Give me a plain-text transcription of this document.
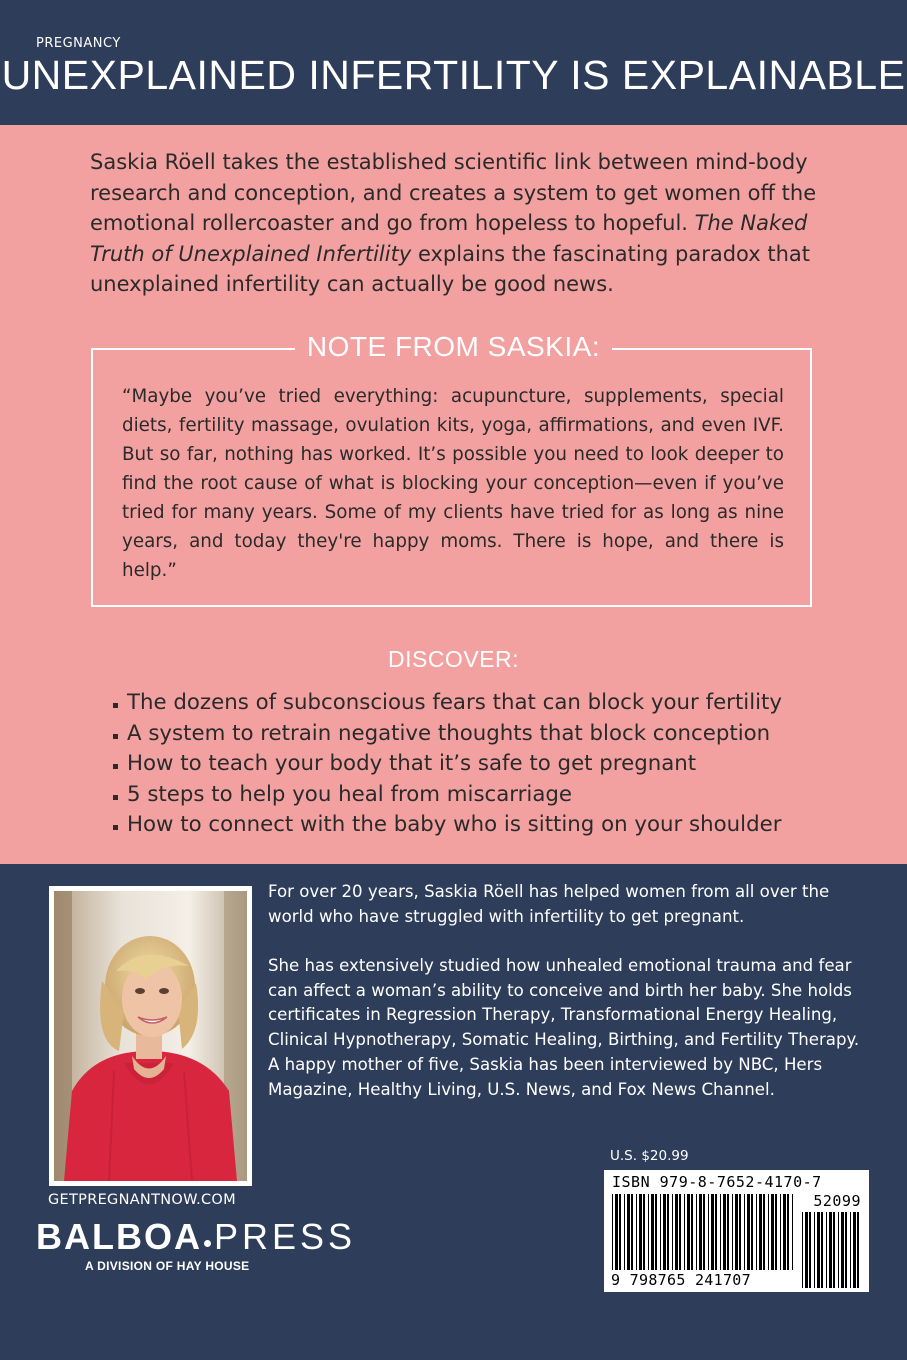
PREGNANCY
UNEXPLAINED INFERTILITY IS EXPLAINABLE

Saskia Röell takes the established scientific link between mind-body research and conception, and creates a system to get women off the emotional rollercoaster and go from hopeless to hopeful. The Naked Truth of Unexplained Infertility explains the fascinating paradox that unexplained infertility can actually be good news.

NOTE FROM SASKIA:
“Maybe you’ve tried everything: acupuncture, supplements, special diets, fertility massage, ovulation kits, yoga, affirmations, and even IVF. But so far, nothing has worked. It’s possible you need to look deeper to find the root cause of what is blocking your conception—even if you’ve tried for many years. Some of my clients have tried for as long as nine years, and today they're happy moms. There is hope, and there is help.”
DISCOVER:
The dozens of subconscious fears that can block your fertility
A system to retrain negative thoughts that block conception
How to teach your body that it’s safe to get pregnant
5 steps to help you heal from miscarriage
How to connect with the baby who is sitting on your shoulder

For over 20 years, Saskia Röell has helped women from all over the world who have struggled with infertility to get pregnant.

She has extensively studied how unhealed emotional trauma and fear can affect a woman’s ability to conceive and birth her baby. She holds certificates in Regression Therapy, Transformational Energy Healing, Clinical Hypnotherapy, Somatic Healing, Birthing, and Fertility Therapy. A happy mother of five, Saskia has been interviewed by NBC, Hers Magazine, Healthy Living, U.S. News, and Fox News Channel.

GETPREGNANTNOW.COM
BALBOA PRESS
A DIVISION OF HAY HOUSE
U.S. $20.99
ISBN 979-8-7652-4170-7
52099
9 798765 241707
